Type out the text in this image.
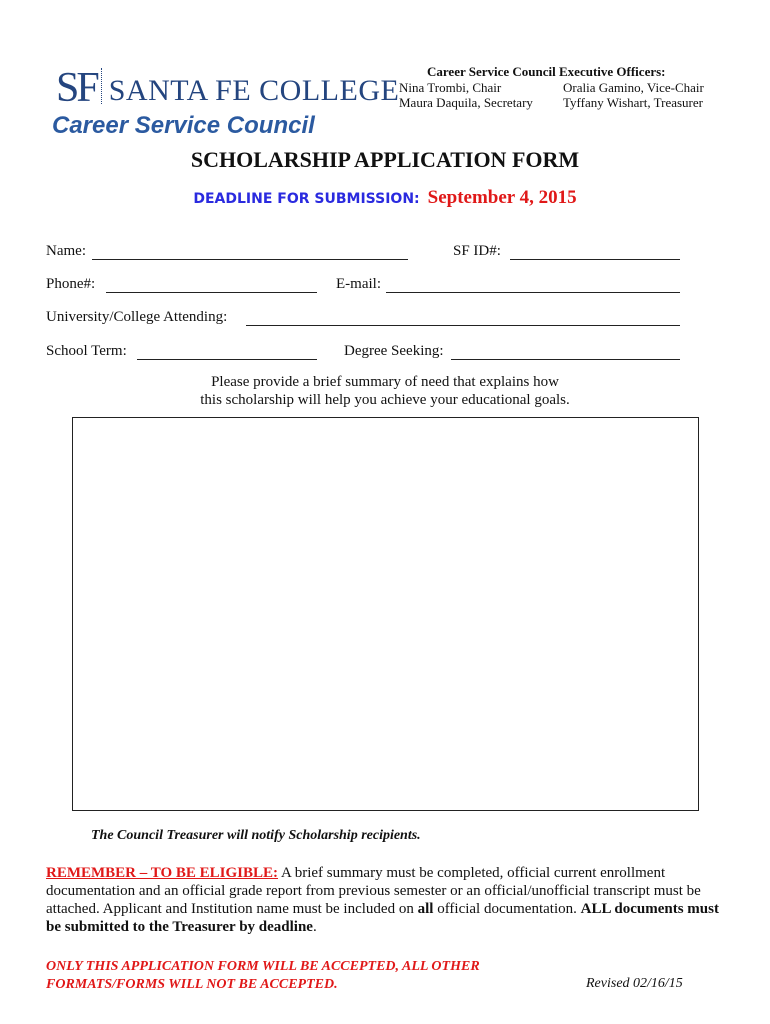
SF SANTA FE COLLEGE
Career Service Council
Career Service Council Executive Officers:
Nina Trombi, Chair	Oralia Gamino, Vice-Chair
Maura Daquila, Secretary Tyffany Wishart, Treasurer
SCHOLARSHIP APPLICATION FORM
DEADLINE FOR SUBMISSION: September 4, 2015
Name:	SF ID#:
Phone#:	E-mail:
University/College Attending:
School Term:	Degree Seeking:
Please provide a brief summary of need that explains how
this scholarship will help you achieve your educational goals.
The Council Treasurer will notify Scholarship recipients.
REMEMBER – TO BE ELIGIBLE: A brief summary must be completed, official current enrollment documentation and an official grade report from previous semester or an official/unofficial transcript must be attached. Applicant and Institution name must be included on all official documentation. ALL documents must be submitted to the Treasurer by deadline.
ONLY THIS APPLICATION FORM WILL BE ACCEPTED, ALL OTHER
FORMATS/FORMS WILL NOT BE ACCEPTED.	Revised 02/16/15
